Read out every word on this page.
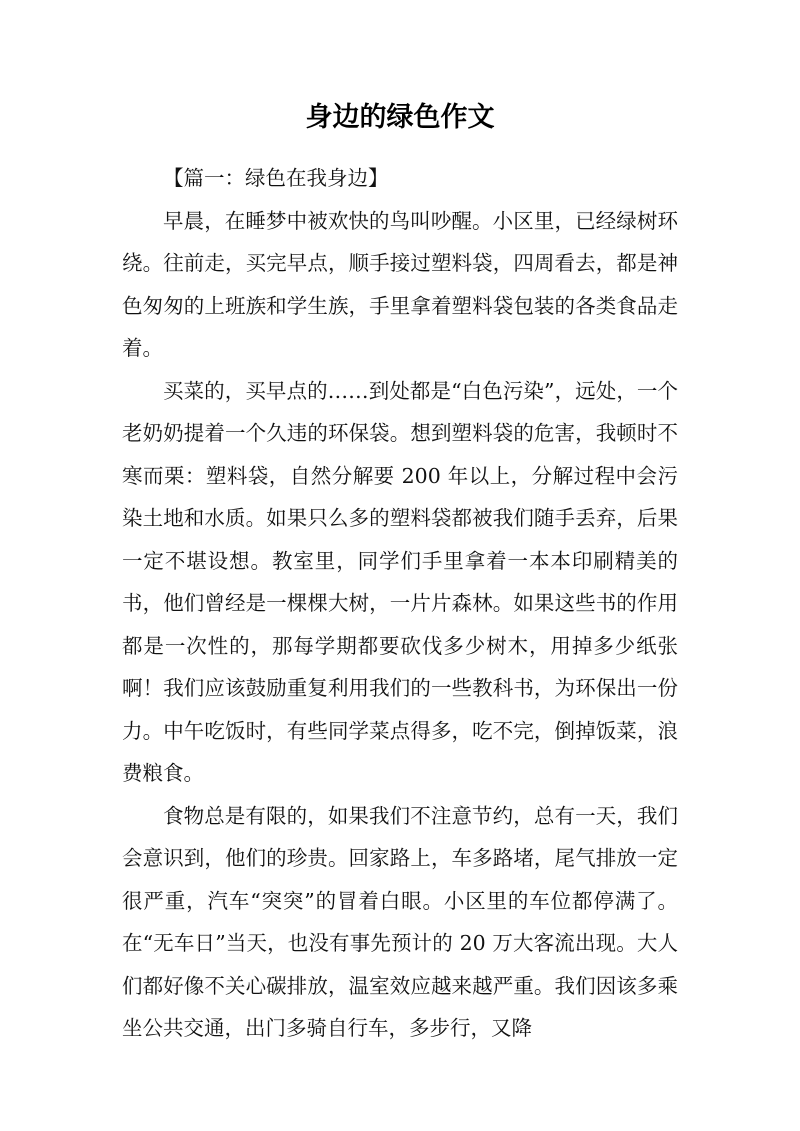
身边的绿色作文

【篇一：绿色在我身边】

早晨，在睡梦中被欢快的鸟叫吵醒。小区里，已经绿树环绕。往前走，买完早点，顺手接过塑料袋，四周看去，都是神色匆匆的上班族和学生族，手里拿着塑料袋包装的各类食品走着。

买菜的，买早点的……到处都是“白色污染”，远处，一个老奶奶提着一个久违的环保袋。想到塑料袋的危害，我顿时不寒而栗：塑料袋，自然分解要 200 年以上，分解过程中会污染土地和水质。如果只么多的塑料袋都被我们随手丢弃，后果一定不堪设想。教室里，同学们手里拿着一本本印刷精美的书，他们曾经是一棵棵大树，一片片森林。如果这些书的作用都是一次性的，那每学期都要砍伐多少树木，用掉多少纸张啊！我们应该鼓励重复利用我们的一些教科书，为环保出一份力。中午吃饭时，有些同学菜点得多，吃不完，倒掉饭菜，浪费粮食。

食物总是有限的，如果我们不注意节约，总有一天，我们会意识到，他们的珍贵。回家路上，车多路堵，尾气排放一定很严重，汽车“突突”的冒着白眼。小区里的车位都停满了。在“无车日”当天，也没有事先预计的 20 万大客流出现。大人们都好像不关心碳排放，温室效应越来越严重。我们因该多乘坐公共交通，出门多骑自行车，多步行，又降
